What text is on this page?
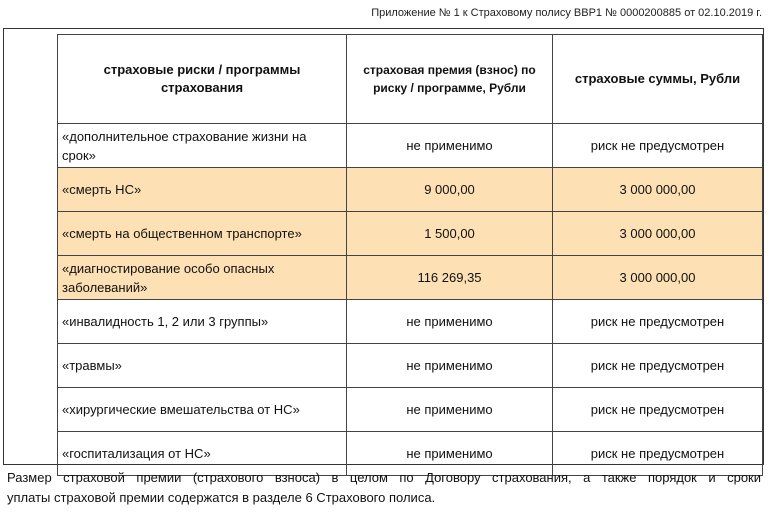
Приложение № 1 к Страховому полису ВВР1 № 0000200885 от 02.10.2019 г.
страховые риски / программы страхования	страховая премия (взнос) по риску / программе, Рубли	страховые суммы, Рубли
«дополнительное страхование жизни на срок»	не применимо	риск не предусмотрен
«смерть НС»	9 000,00	3 000 000,00
«смерть на общественном транспорте»	1 500,00	3 000 000,00
«диагностирование особо опасных заболеваний»	116 269,35	3 000 000,00
«инвалидность 1, 2 или 3 группы»	не применимо	риск не предусмотрен
«травмы»	не применимо	риск не предусмотрен
«хирургические вмешательства от НС»	не применимо	риск не предусмотрен
«госпитализация от НС»	не применимо	риск не предусмотрен
Размер страховой премии (страхового взноса) в целом по Договору страхования, а также порядок и сроки
уплаты страховой премии содержатся в разделе 6 Страхового полиса.
